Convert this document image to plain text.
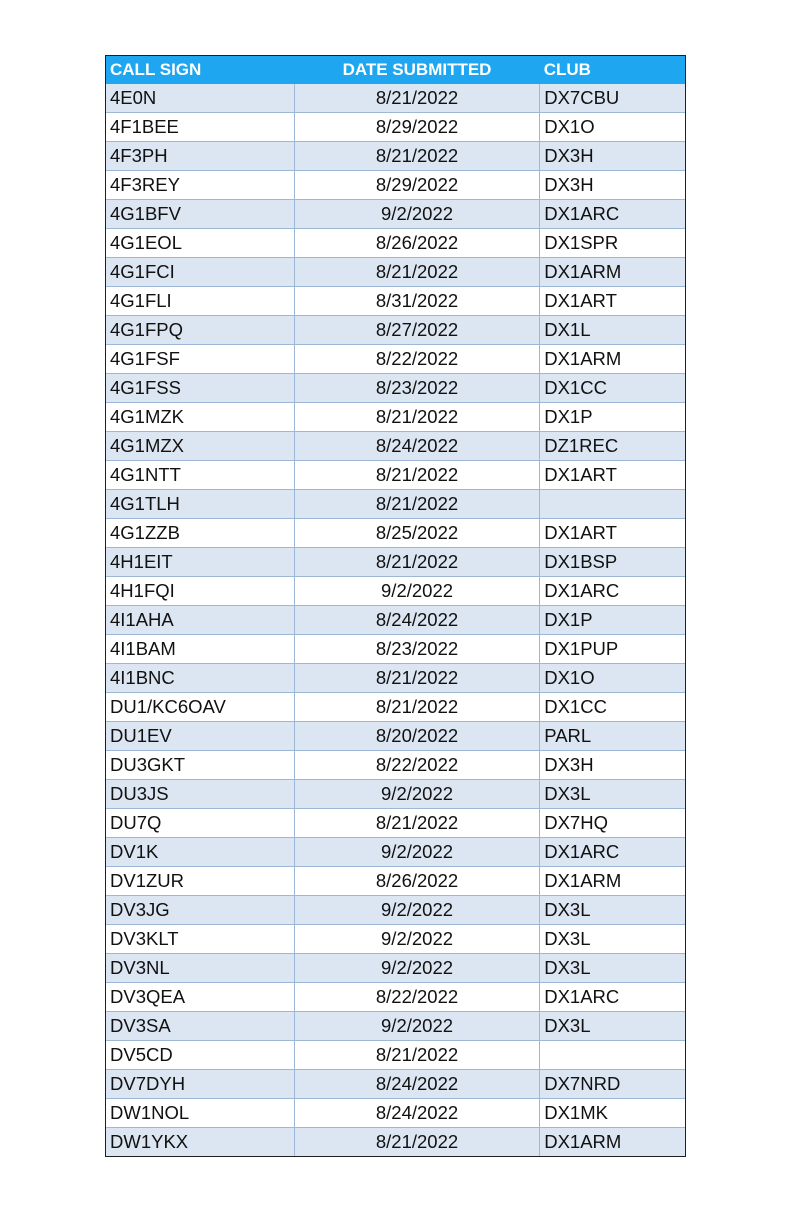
CALL SIGN	DATE SUBMITTED	CLUB
4E0N	8/21/2022	DX7CBU
4F1BEE	8/29/2022	DX1O
4F3PH	8/21/2022	DX3H
4F3REY	8/29/2022	DX3H
4G1BFV	9/2/2022	DX1ARC
4G1EOL	8/26/2022	DX1SPR
4G1FCI	8/21/2022	DX1ARM
4G1FLI	8/31/2022	DX1ART
4G1FPQ	8/27/2022	DX1L
4G1FSF	8/22/2022	DX1ARM
4G1FSS	8/23/2022	DX1CC
4G1MZK	8/21/2022	DX1P
4G1MZX	8/24/2022	DZ1REC
4G1NTT	8/21/2022	DX1ART
4G1TLH	8/21/2022	
4G1ZZB	8/25/2022	DX1ART
4H1EIT	8/21/2022	DX1BSP
4H1FQI	9/2/2022	DX1ARC
4I1AHA	8/24/2022	DX1P
4I1BAM	8/23/2022	DX1PUP
4I1BNC	8/21/2022	DX1O
DU1/KC6OAV	8/21/2022	DX1CC
DU1EV	8/20/2022	PARL
DU3GKT	8/22/2022	DX3H
DU3JS	9/2/2022	DX3L
DU7Q	8/21/2022	DX7HQ
DV1K	9/2/2022	DX1ARC
DV1ZUR	8/26/2022	DX1ARM
DV3JG	9/2/2022	DX3L
DV3KLT	9/2/2022	DX3L
DV3NL	9/2/2022	DX3L
DV3QEA	8/22/2022	DX1ARC
DV3SA	9/2/2022	DX3L
DV5CD	8/21/2022	
DV7DYH	8/24/2022	DX7NRD
DW1NOL	8/24/2022	DX1MK
DW1YKX	8/21/2022	DX1ARM
